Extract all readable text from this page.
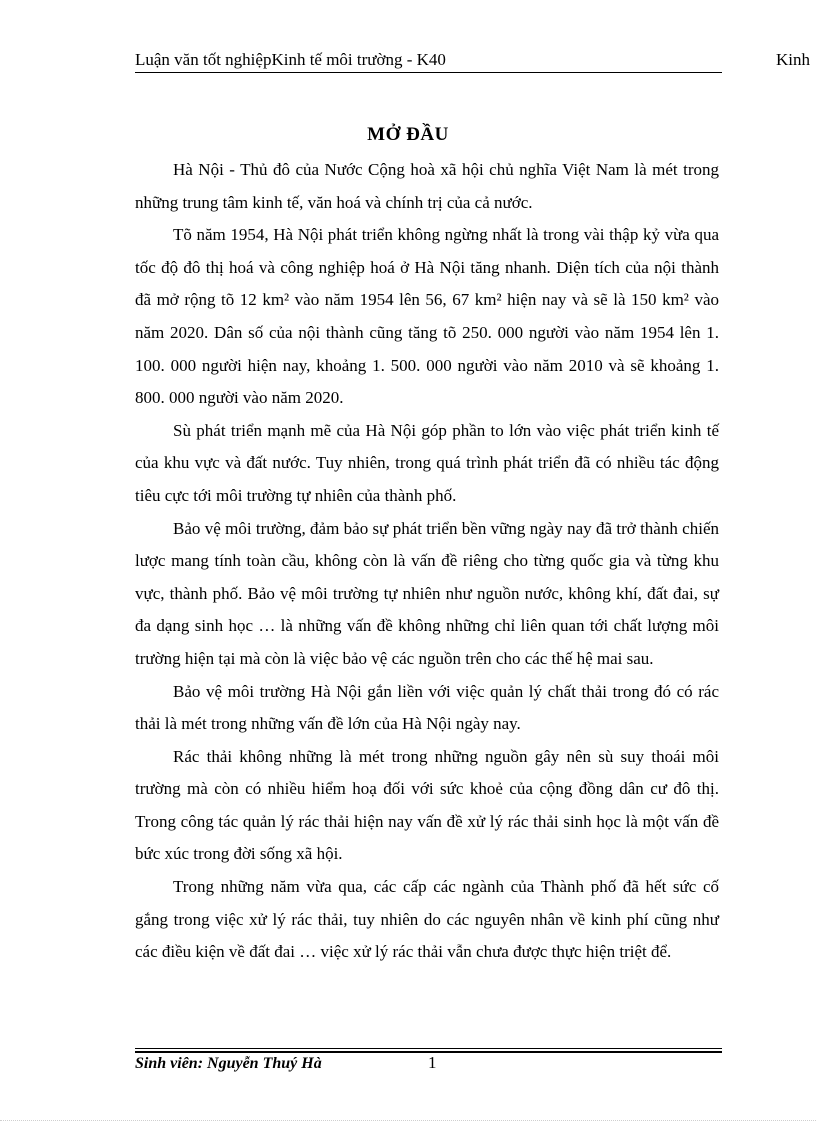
Luận văn tốt nghiệpKinh tế môi trường - K40	Kinh
MỞ ĐẦU

Hà Nội - Thủ đô của Nước Cộng hoà xã hội chủ nghĩa Việt Nam là mét trong những trung tâm kinh tế, văn hoá và chính trị của cả nước.

Tõ năm 1954, Hà Nội phát triển không ngừng nhất là trong vài thập kỷ vừa qua tốc độ đô thị hoá và công nghiệp hoá ở Hà Nội tăng nhanh. Diện tích của nội thành đã mở rộng tõ 12 km² vào năm 1954 lên 56, 67 km² hiện nay và sẽ là 150 km² vào năm 2020. Dân số của nội thành cũng tăng tõ 250. 000 người vào năm 1954 lên 1. 100. 000 người hiện nay, khoảng 1. 500. 000 người vào năm 2010 và sẽ khoảng 1. 800. 000 người vào năm 2020.

Sù phát triển mạnh mẽ của Hà Nội góp phần to lớn vào việc phát triển kinh tế của khu vực và đất nước. Tuy nhiên, trong quá trình phát triển đã có nhiều tác động tiêu cực tới môi trường tự nhiên của thành phố.

Bảo vệ môi trường, đảm bảo sự phát triển bền vững ngày nay đã trở thành chiến lược mang tính toàn cầu, không còn là vấn đề riêng cho từng quốc gia và từng khu vực, thành phố. Bảo vệ môi trường tự nhiên như nguồn nước, không khí, đất đai, sự đa dạng sinh học … là những vấn đề không những chỉ liên quan tới chất lượng môi trường hiện tại mà còn là việc bảo vệ các nguồn trên cho các thế hệ mai sau.

Bảo vệ môi trường Hà Nội gắn liền với việc quản lý chất thải trong đó có rác thải là mét trong những vấn đề lớn của Hà Nội ngày nay.

Rác thải không những là mét trong những nguồn gây nên sù suy thoái môi trường mà còn có nhiều hiểm hoạ đối với sức khoẻ của cộng đồng dân cư đô thị. Trong công tác quản lý rác thải hiện nay vấn đề xử lý rác thải sinh học là một vấn đề bức xúc trong đời sống xã hội.

Trong những năm vừa qua, các cấp các ngành của Thành phố đã hết sức cố gắng trong việc xử lý rác thải, tuy nhiên do các nguyên nhân về kinh phí cũng như các điều kiện về đất đai … việc xử lý rác thải vẫn chưa được thực hiện triệt để.

Sinh viên: Nguyễn Thuý Hà	1
